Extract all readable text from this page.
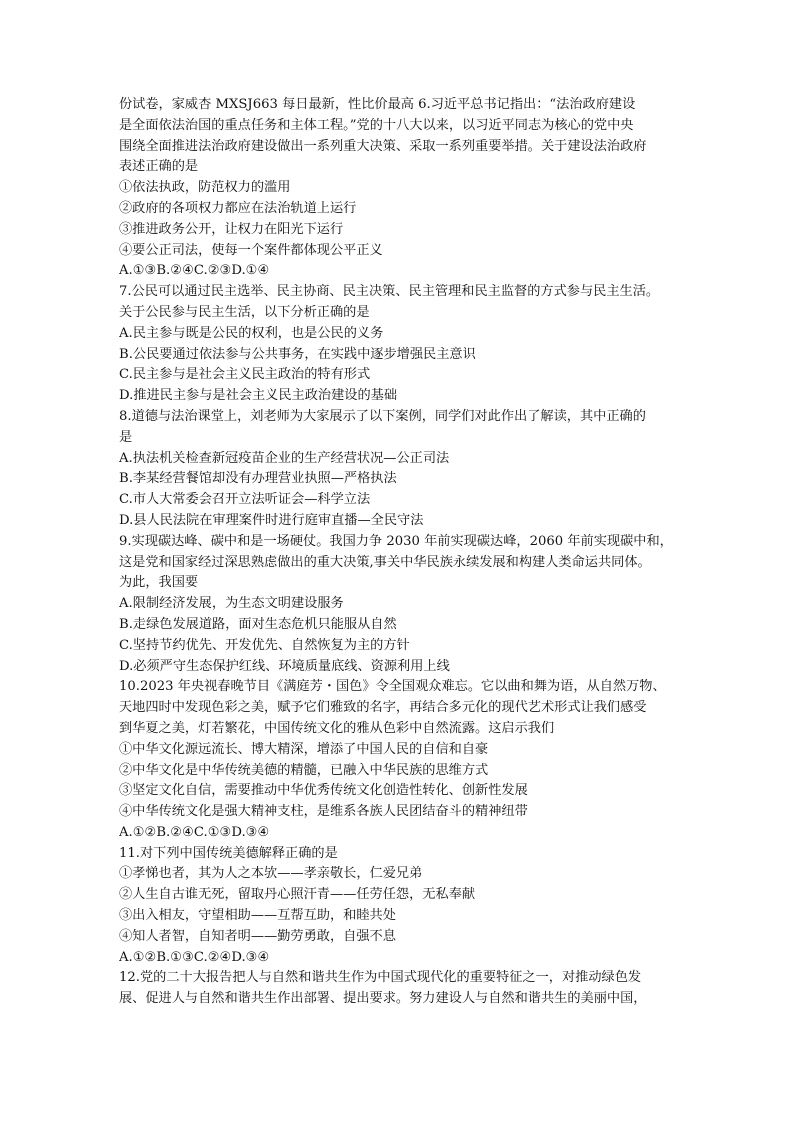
份试卷，家威杏 MXSJ663 每日最新，性比价最高 6.习近平总书记指出：“法治政府建设
是全面依法治国的重点任务和主体工程。”党的十八大以来，以习近平同志为核心的党中央
围绕全面推进法治政府建设做出一系列重大决策、采取一系列重要举措。关于建设法治政府
表述正确的是
①依法执政，防范权力的滥用
②政府的各项权力都应在法治轨道上运行
③推进政务公开，让权力在阳光下运行
④要公正司法，使每一个案件都体现公平正义
A.①③B.②④C.②③D.①④
7.公民可以通过民主选举、民主协商、民主决策、民主管理和民主监督的方式参与民主生活。
关于公民参与民主生活，以下分析正确的是
A.民主参与既是公民的权利，也是公民的义务
B.公民要通过依法参与公共事务，在实践中逐步增强民主意识
C.民主参与是社会主义民主政治的特有形式
D.推进民主参与是社会主义民主政治建设的基础
8.道德与法治课堂上，刘老师为大家展示了以下案例，同学们对此作出了解读，其中正确的
是
A.执法机关检查新冠疫苗企业的生产经营状况—公正司法
B.李某经营餐馆却没有办理营业执照—严格执法
C.市人大常委会召开立法听证会—科学立法
D.县人民法院在审理案件时进行庭审直播—全民守法
9.实现碳达峰、碳中和是一场硬仗。我国力争 2030 年前实现碳达峰，2060 年前实现碳中和，
这是党和国家经过深思熟虑做出的重大决策,事关中华民族永续发展和构建人类命运共同体。
为此，我国要
A.限制经济发展，为生态文明建设服务
B.走绿色发展道路，面对生态危机只能服从自然
C.坚持节约优先、开发优先、自然恢复为主的方针
D.必须严守生态保护红线、环境质量底线、资源利用上线
10.2023 年央视春晚节目《满庭芳・国色》令全国观众难忘。它以曲和舞为语，从自然万物、
天地四时中发现色彩之美，赋予它们雅致的名字，再结合多元化的现代艺术形式让我们感受
到华夏之美，灯若繁花，中国传统文化的雅从色彩中自然流露。这启示我们
①中华文化源远流长、博大精深，增添了中国人民的自信和自豪
②中华文化是中华传统美德的精髓，已融入中华民族的思维方式
③坚定文化自信，需要推动中华优秀传统文化创造性转化、创新性发展
④中华传统文化是强大精神支柱，是维系各族人民团结奋斗的精神纽带
A.①②B.②④C.①③D.③④
11.对下列中国传统美德解释正确的是
①孝悌也者，其为人之本欤——孝亲敬长，仁爱兄弟
②人生自古谁无死，留取丹心照汗青——任劳任怨，无私奉献
③出入相友，守望相助——互帮互助，和睦共处
④知人者智，自知者明——勤劳勇敢，自强不息
A.①②B.①③C.②④D.③④
12.党的二十大报告把人与自然和谐共生作为中国式现代化的重要特征之一，对推动绿色发
展、促进人与自然和谐共生作出部署、提出要求。努力建设人与自然和谐共生的美丽中国，
